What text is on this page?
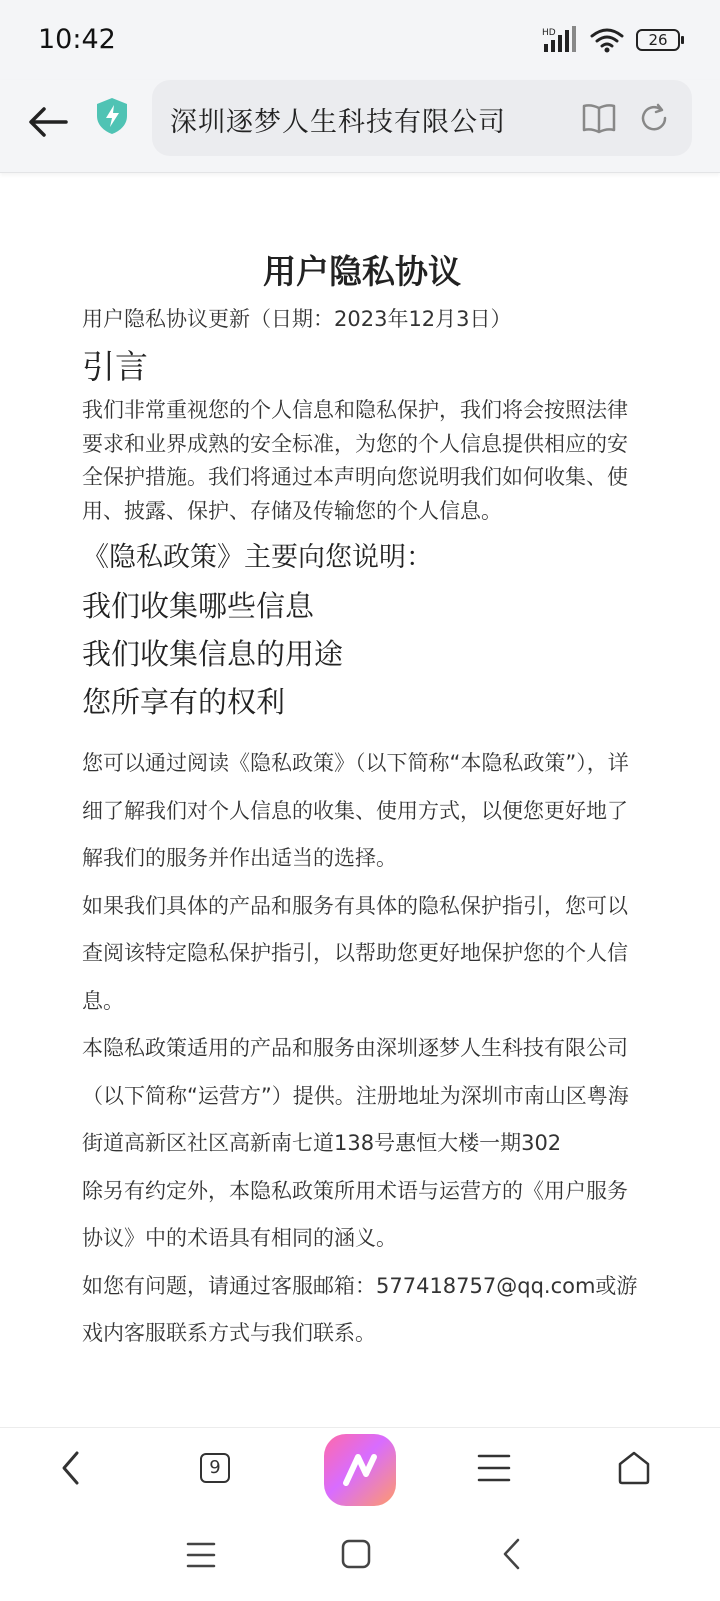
10:42	HD	26
深圳逐梦人生科技有限公司
用户隐私协议
用户隐私协议更新（日期：2023年12月3日）
引言
我们非常重视您的个人信息和隐私保护，我们将会按照法律要求和业界成熟的安全标准，为您的个人信息提供相应的安全保护措施。我们将通过本声明向您说明我们如何收集、使用、披露、保护、存储及传输您的个人信息。
《隐私政策》主要向您说明：
我们收集哪些信息
我们收集信息的用途
您所享有的权利

您可以通过阅读《隐私政策》（以下简称“本隐私政策”），详细了解我们对个人信息的收集、使用方式，以便您更好地了解我们的服务并作出适当的选择。

如果我们具体的产品和服务有具体的隐私保护指引，您可以查阅该特定隐私保护指引，以帮助您更好地保护您的个人信息。

本隐私政策适用的产品和服务由深圳逐梦人生科技有限公司（以下简称“运营方”）提供。注册地址为深圳市南山区粤海街道高新区社区高新南七道138号惠恒大楼一期302

除另有约定外，本隐私政策所用术语与运营方的《用户服务协议》中的术语具有相同的涵义。

如您有问题，请通过客服邮箱：577418757@qq.com或游戏内客服联系方式与我们联系。

9
